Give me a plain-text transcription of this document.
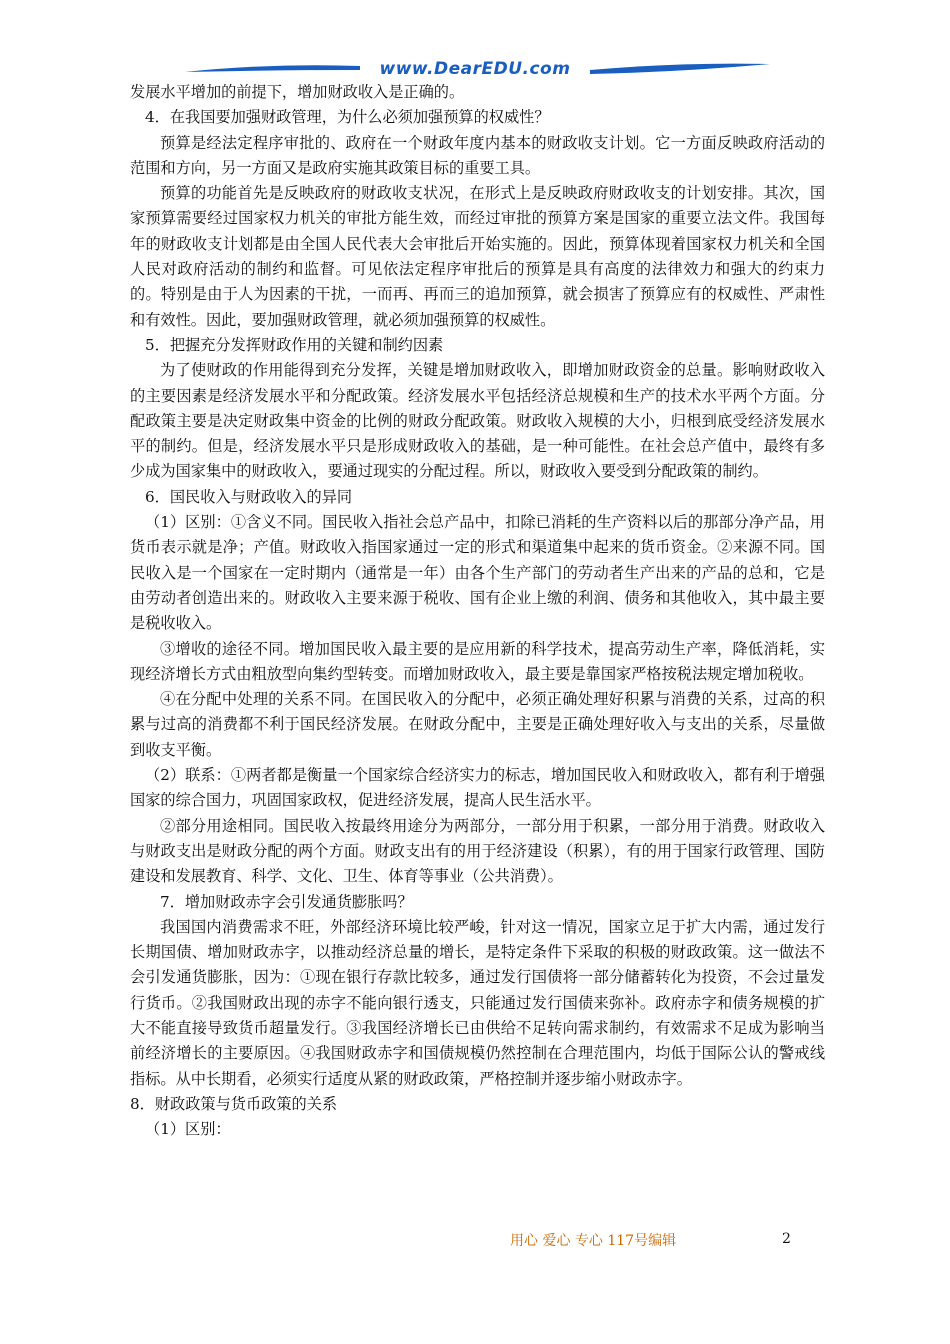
www.DearEDU.com

发展水平增加的前提下，增加财政收入是正确的。

4．在我国要加强财政管理，为什么必须加强预算的权威性？

预算是经法定程序审批的、政府在一个财政年度内基本的财政收支计划。它一方面反映政府活动的范围和方向，另一方面又是政府实施其政策目标的重要工具。

预算的功能首先是反映政府的财政收支状况，在形式上是反映政府财政收支的计划安排。其次，国家预算需要经过国家权力机关的审批方能生效，而经过审批的预算方案是国家的重要立法文件。我国每年的财政收支计划都是由全国人民代表大会审批后开始实施的。因此，预算体现着国家权力机关和全国人民对政府活动的制约和监督。可见依法定程序审批后的预算是具有高度的法律效力和强大的约束力的。特别是由于人为因素的干扰，一而再、再而三的追加预算，就会损害了预算应有的权威性、严肃性和有效性。因此，要加强财政管理，就必须加强预算的权威性。

5．把握充分发挥财政作用的关键和制约因素

为了使财政的作用能得到充分发挥，关键是增加财政收入，即增加财政资金的总量。影响财政收入的主要因素是经济发展水平和分配政策。经济发展水平包括经济总规模和生产的技术水平两个方面。分配政策主要是决定财政集中资金的比例的财政分配政策。财政收入规模的大小，归根到底受经济发展水平的制约。但是，经济发展水平只是形成财政收入的基础，是一种可能性。在社会总产值中，最终有多少成为国家集中的财政收入，要通过现实的分配过程。所以，财政收入要受到分配政策的制约。

6．国民收入与财政收入的异同

（1）区别：①含义不同。国民收入指社会总产品中，扣除已消耗的生产资料以后的那部分净产品，用货币表示就是净；产值。财政收入指国家通过一定的形式和渠道集中起来的货币资金。②来源不同。国民收入是一个国家在一定时期内（通常是一年）由各个生产部门的劳动者生产出来的产品的总和，它是由劳动者创造出来的。财政收入主要来源于税收、国有企业上缴的利润、债务和其他收入，其中最主要是税收收入。

③增收的途径不同。增加国民收入最主要的是应用新的科学技术，提高劳动生产率，降低消耗，实现经济增长方式由粗放型向集约型转变。而增加财政收入，最主要是靠国家严格按税法规定增加税收。

④在分配中处理的关系不同。在国民收入的分配中，必须正确处理好积累与消费的关系，过高的积累与过高的消费都不利于国民经济发展。在财政分配中，主要是正确处理好收入与支出的关系，尽量做到收支平衡。

（2）联系：①两者都是衡量一个国家综合经济实力的标志，增加国民收入和财政收入，都有利于增强国家的综合国力，巩固国家政权，促进经济发展，提高人民生活水平。

②部分用途相同。国民收入按最终用途分为两部分，一部分用于积累，一部分用于消费。财政收入与财政支出是财政分配的两个方面。财政支出有的用于经济建设（积累），有的用于国家行政管理、国防建设和发展教育、科学、文化、卫生、体育等事业（公共消费）。

7．增加财政赤字会引发通货膨胀吗？

我国国内消费需求不旺，外部经济环境比较严峻，针对这一情况，国家立足于扩大内需，通过发行长期国债、增加财政赤字，以推动经济总量的增长，是特定条件下采取的积极的财政政策。这一做法不会引发通货膨胀，因为：①现在银行存款比较多，通过发行国债将一部分储蓄转化为投资，不会过量发行货币。②我国财政出现的赤字不能向银行透支，只能通过发行国债来弥补。政府赤字和债务规模的扩大不能直接导致货币超量发行。③我国经济增长已由供给不足转向需求制约，有效需求不足成为影响当前经济增长的主要原因。④我国财政赤字和国债规模仍然控制在合理范围内，均低于国际公认的警戒线指标。从中长期看，必须实行适度从紧的财政政策，严格控制并逐步缩小财政赤字。

8．财政政策与货币政策的关系

（1）区别：

用心 爱心 专心 117号编辑	2
